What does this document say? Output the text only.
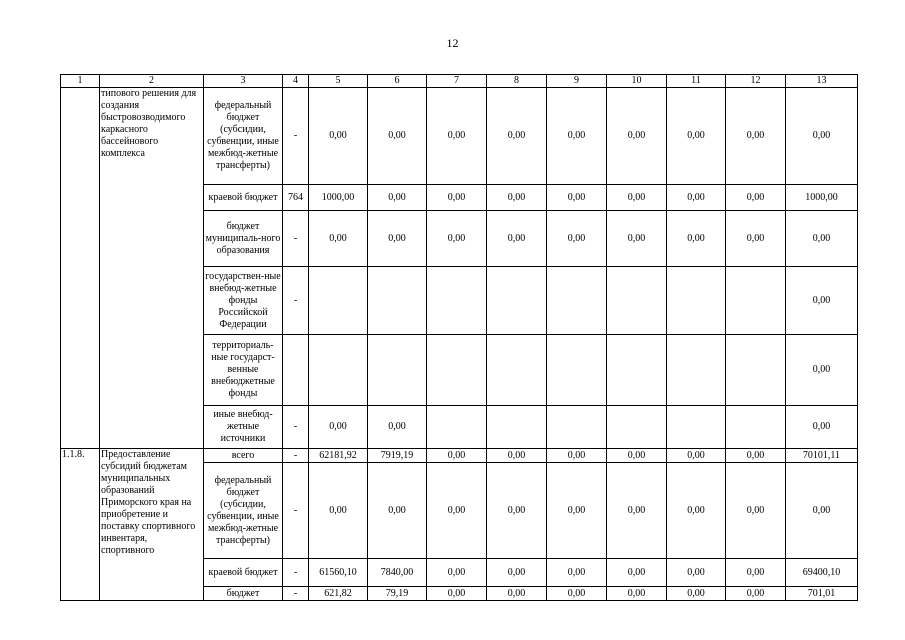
12
1	2	3	4	5	6	7	8	9	10	11	12	13
	типового решения для создания быстровозводимого каркасного бассейнового комплекса	федеральный бюджет (субсидии, субвенции, иные межбюд-жетные трансферты)	-	0,00	0,00	0,00	0,00	0,00	0,00	0,00	0,00	0,00
		краевой бюджет	764	1000,00	0,00	0,00	0,00	0,00	0,00	0,00	0,00	1000,00
		бюджет муниципаль-ного образования	-	0,00	0,00	0,00	0,00	0,00	0,00	0,00	0,00	0,00
		государствен-ные внебюд-жетные фонды Российской Федерации	-									0,00
		территориаль-ные государст-венные внебюджетные фонды										0,00
		иные внебюд-жетные источники	-	0,00	0,00							0,00
1.1.8.	Предоставление субсидий бюджетам муниципальных образований Приморского края на приобретение и поставку спортивного инвентаря, спортивного	всего	-	62181,92	7919,19	0,00	0,00	0,00	0,00	0,00	0,00	70101,11
		федеральный бюджет (субсидии, субвенции, иные межбюд-жетные трансферты)	-	0,00	0,00	0,00	0,00	0,00	0,00	0,00	0,00	0,00
		краевой бюджет	-	61560,10	7840,00	0,00	0,00	0,00	0,00	0,00	0,00	69400,10
		бюджет	-	621,82	79,19	0,00	0,00	0,00	0,00	0,00	0,00	701,01
